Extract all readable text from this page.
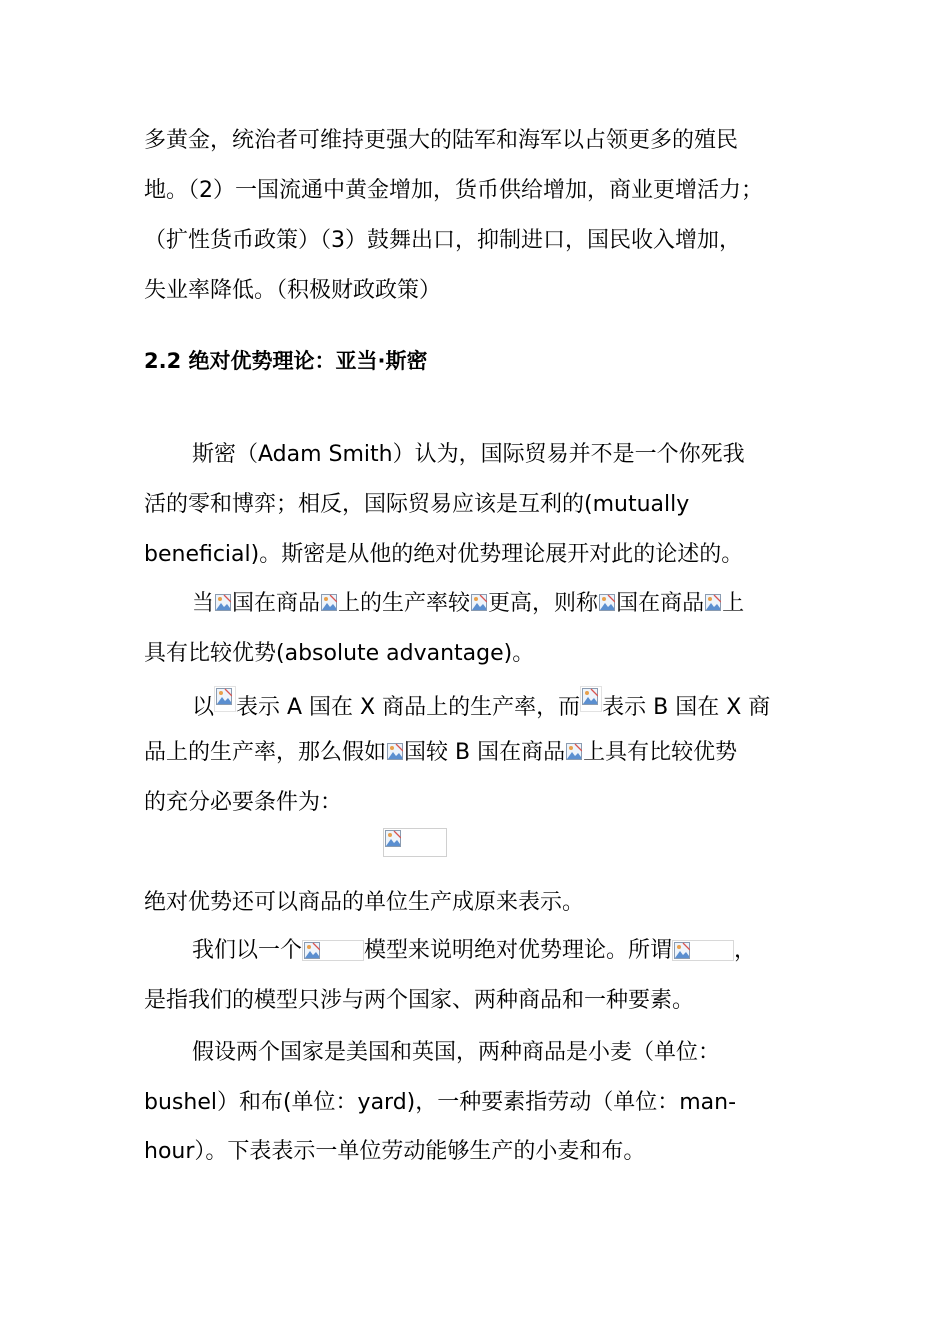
多黄金，统治者可维持更强大的陆军和海军以占领更多的殖民
地。（2）一国流通中黄金增加，货币供给增加，商业更增活力；
（扩性货币政策）（3）鼓舞出口，抑制进口，国民收入增加，
失业率降低。（积极财政政策）
2.2 绝对优势理论：亚当·斯密
斯密（Adam Smith）认为，国际贸易并不是一个你死我
活的零和博弈；相反，国际贸易应该是互利的(mutually
beneficial)。斯密是从他的绝对优势理论展开对此的论述的。
当 国在商品 上的生产率较 更高，则称 国在商品 上
具有比较优势(absolute advantage)。
以 表示 A 国在 X 商品上的生产率，而 表示 B 国在 X 商
品上的生产率，那么假如 国较 B 国在商品 上具有比较优势
的充分必要条件为：
绝对优势还可以商品的单位生产成原来表示。
我们以一个	模型来说明绝对优势理论。所谓	，
是指我们的模型只涉与两个国家、两种商品和一种要素。
假设两个国家是美国和英国，两种商品是小麦（单位：
bushel）和布(单位：yard)，一种要素指劳动（单位：man-
hour）。下表表示一单位劳动能够生产的小麦和布。
